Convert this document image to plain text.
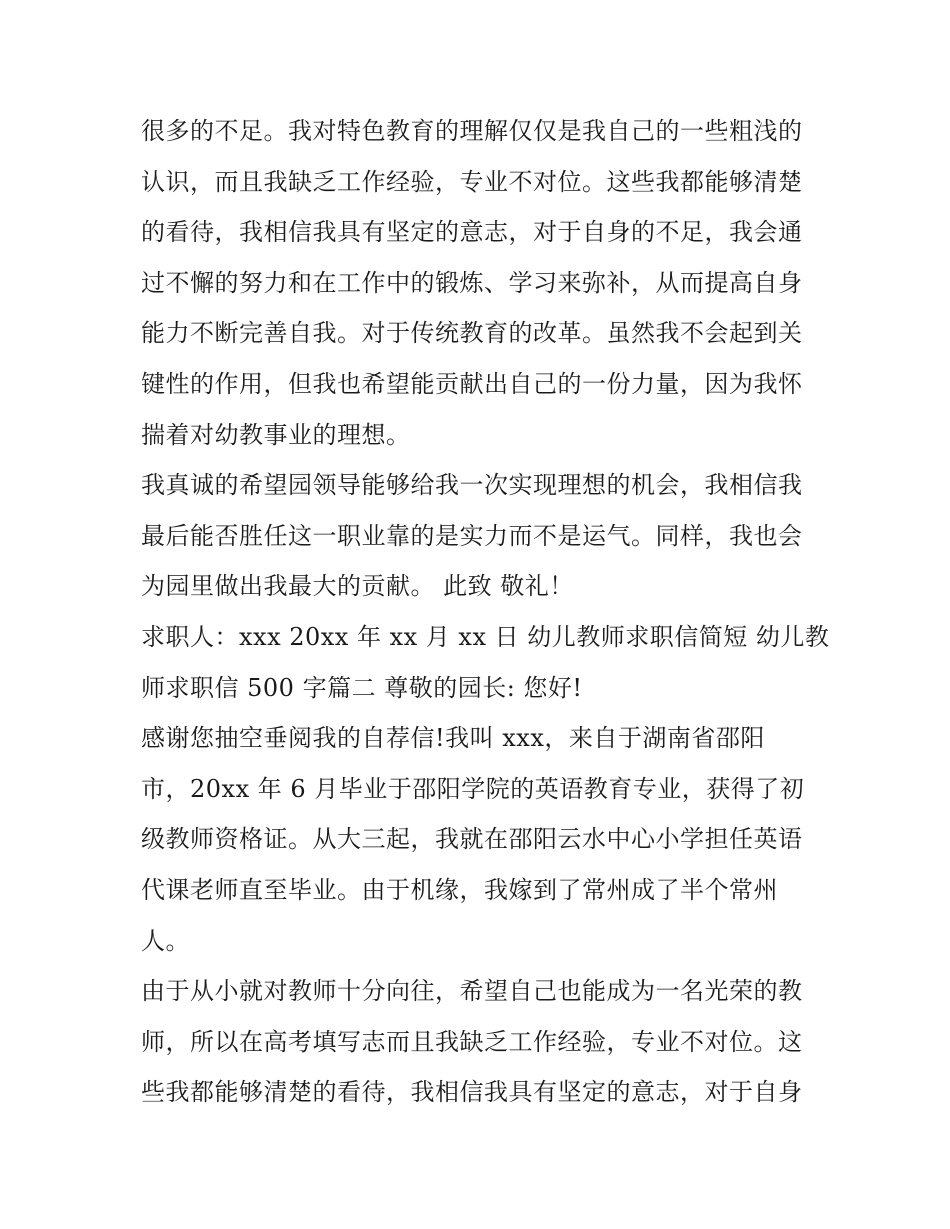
很多的不足。我对特色教育的理解仅仅是我自己的一些粗浅的
认识，而且我缺乏工作经验，专业不对位。这些我都能够清楚
的看待，我相信我具有坚定的意志，对于自身的不足，我会通
过不懈的努力和在工作中的锻炼、学习来弥补，从而提高自身
能力不断完善自我。对于传统教育的改革。虽然我不会起到关
键性的作用，但我也希望能贡献出自己的一份力量，因为我怀
揣着对幼教事业的理想。
我真诚的希望园领导能够给我一次实现理想的机会，我相信我
最后能否胜任这一职业靠的是实力而不是运气。同样，我也会
为园里做出我最大的贡献。 此致 敬礼！
求职人：xxx 20xx 年 xx 月 xx 日 幼儿教师求职信简短 幼儿教
师求职信 500 字篇二 尊敬的园长: 您好!
感谢您抽空垂阅我的自荐信!我叫 xxx，来自于湖南省邵阳
市，20xx 年 6 月毕业于邵阳学院的英语教育专业，获得了初
级教师资格证。从大三起，我就在邵阳云水中心小学担任英语
代课老师直至毕业。由于机缘，我嫁到了常州成了半个常州
人。
由于从小就对教师十分向往，希望自己也能成为一名光荣的教
师，所以在高考填写志而且我缺乏工作经验，专业不对位。这
些我都能够清楚的看待，我相信我具有坚定的意志，对于自身
